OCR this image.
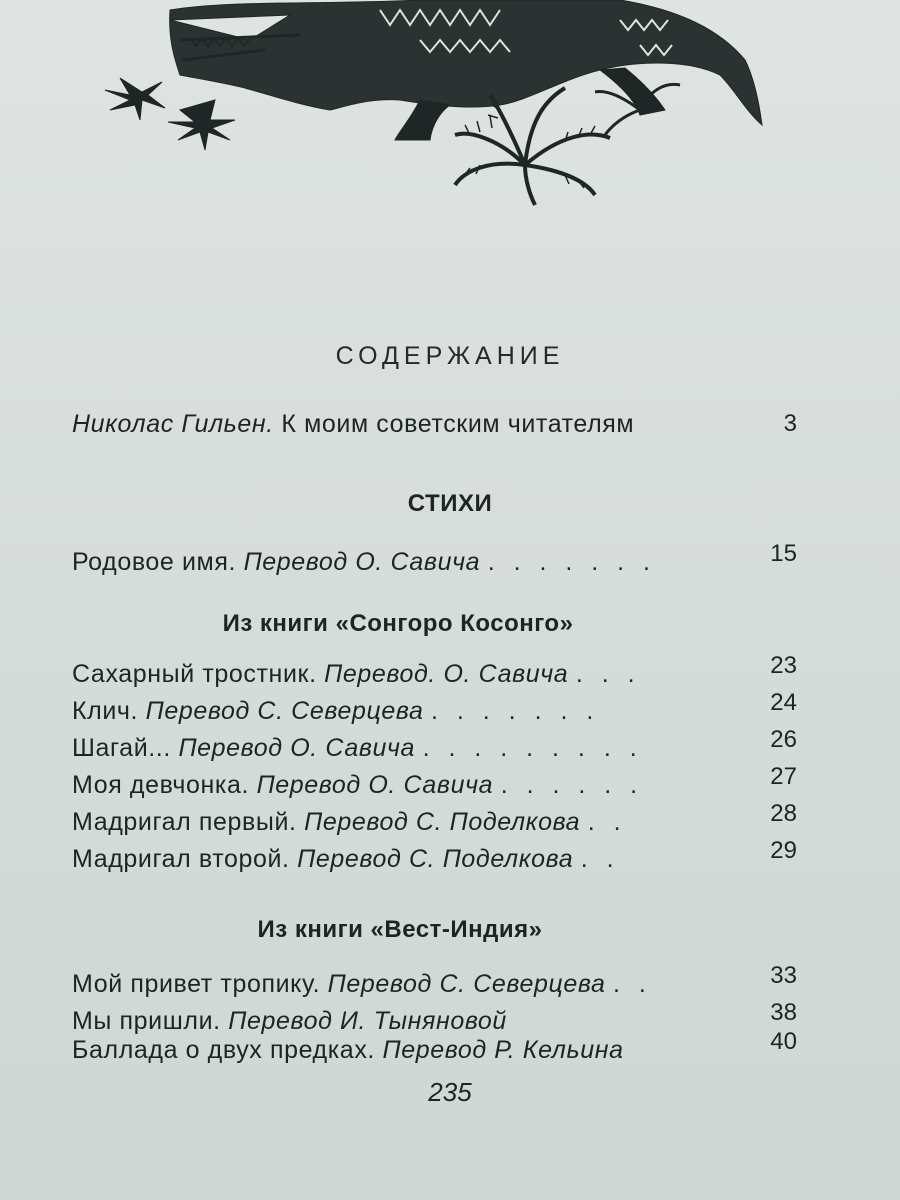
СОДЕРЖАНИЕ
Николас Гильен. К моим советским читателям	3
СТИХИ
Родовое имя. Перевод О. Савича . . . . . . .	15
Из книги «Сонгоро Косонго»
Сахарный тростник. Перевод. О. Савича . . .	23
Клич. Перевод С. Северцева . . . . . . .	24
Шагай... Перевод О. Савича . . . . . . . . .	26
Моя девчонка. Перевод О. Савича . . . . . .	27
Мадригал первый. Перевод С. Поделкова . .	28
Мадригал второй. Перевод С. Поделкова . .	29
Из книги «Вест-Индия»
Мой привет тропику. Перевод С. Северцева . .	33
Мы пришли. Перевод И. Тыняновой	38
Баллада о двух предках. Перевод Р. Кельина	40
235
